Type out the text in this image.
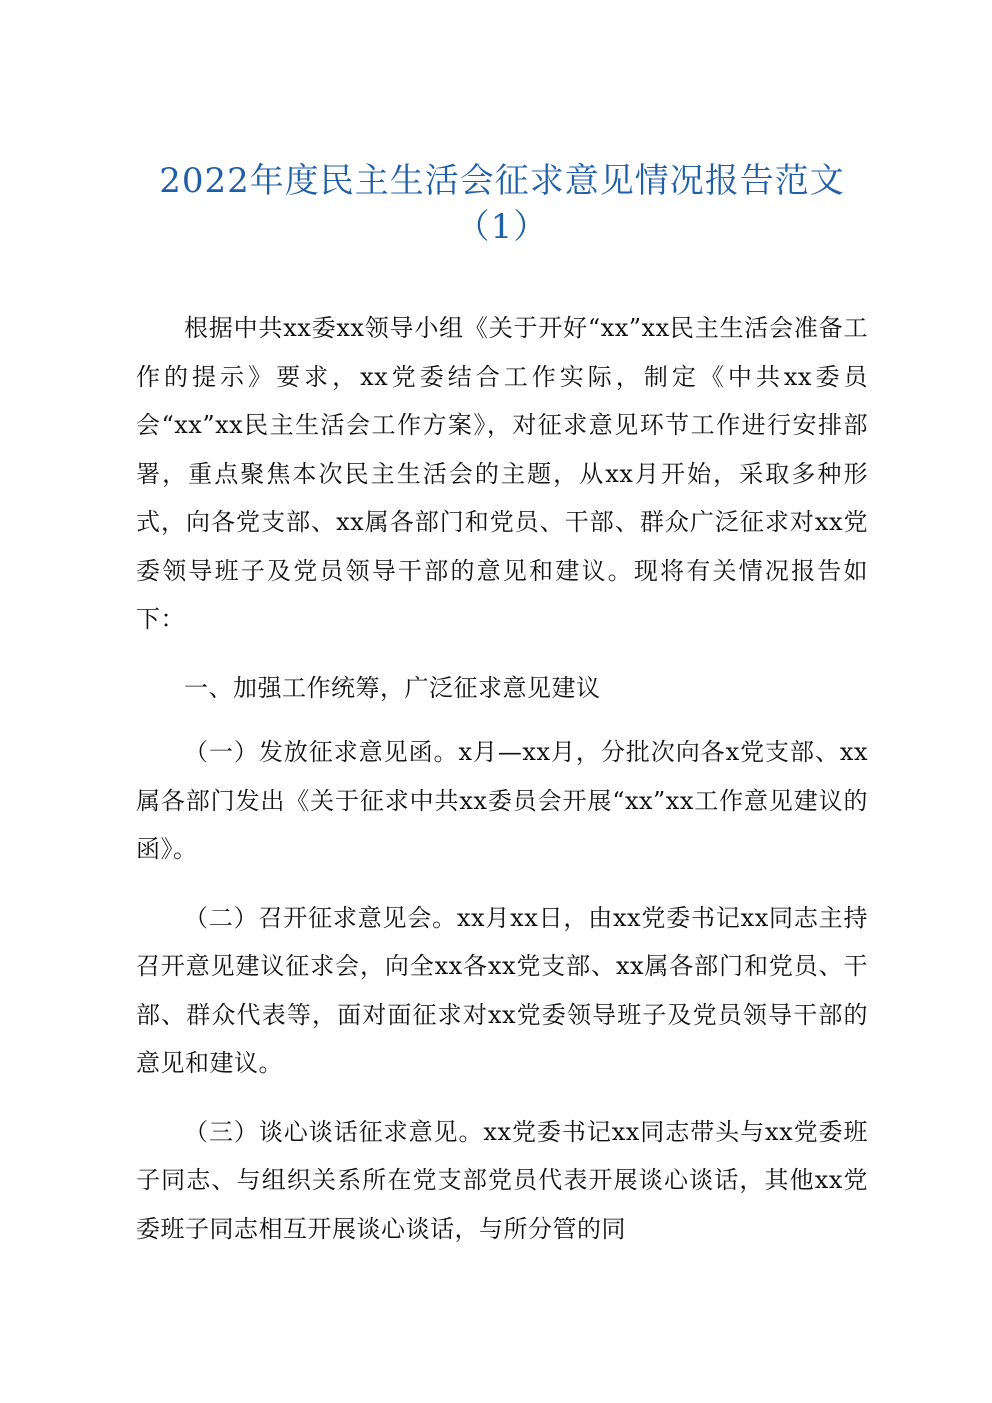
2022年度民主生活会征求意见情况报告范文
（1）

根据中共xx委xx领导小组《关于开好“xx”xx民主生活会准备工作的提示》要求，xx党委结合工作实际，制定《中共xx委员会“xx”xx民主生活会工作方案》，对征求意见环节工作进行安排部署，重点聚焦本次民主生活会的主题，从xx月开始，采取多种形式，向各党支部、xx属各部门和党员、干部、群众广泛征求对xx党委领导班子及党员领导干部的意见和建议。现将有关情况报告如下：

一、加强工作统筹，广泛征求意见建议

（一）发放征求意见函。x月—xx月，分批次向各x党支部、xx属各部门发出《关于征求中共xx委员会开展“xx”xx工作意见建议的函》。

（二）召开征求意见会。xx月xx日，由xx党委书记xx同志主持召开意见建议征求会，向全xx各xx党支部、xx属各部门和党员、干部、群众代表等，面对面征求对xx党委领导班子及党员领导干部的意见和建议。

（三）谈心谈话征求意见。xx党委书记xx同志带头与xx党委班子同志、与组织关系所在党支部党员代表开展谈心谈话，其他xx党委班子同志相互开展谈心谈话，与所分管的同
